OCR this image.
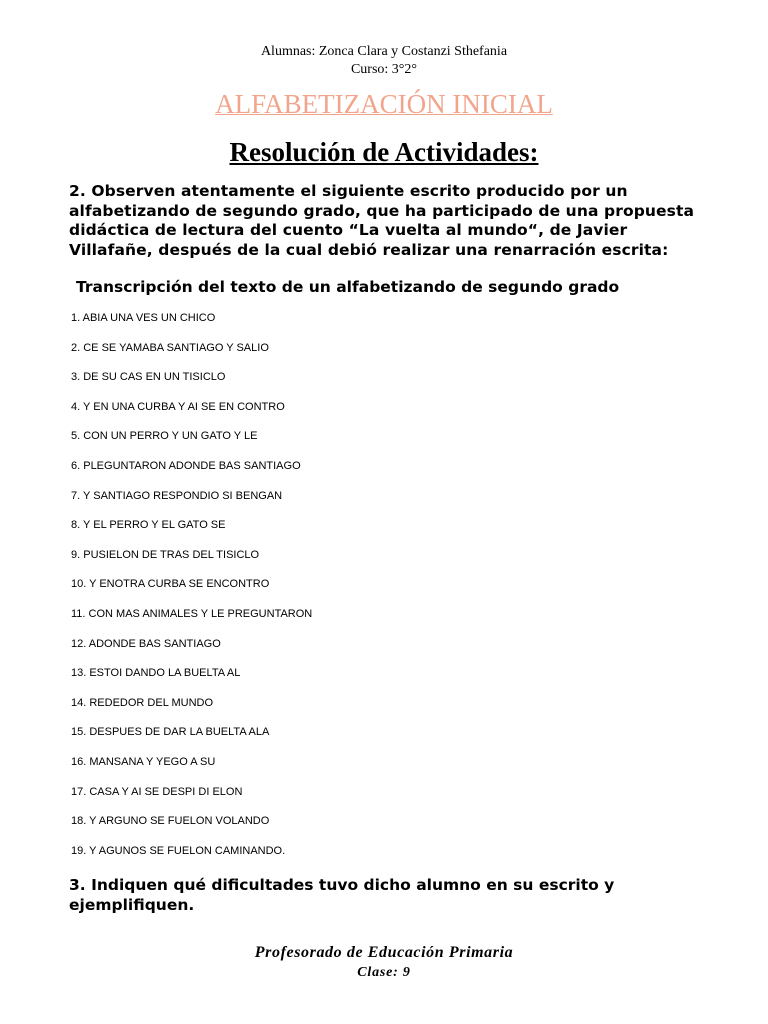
Alumnas: Zonca Clara y Costanzi Sthefania
Curso: 3°2°
ALFABETIZACIÓN INICIAL
Resolución de Actividades:
2. Observen atentamente el siguiente escrito producido por un alfabetizando de segundo grado, que ha participado de una propuesta didáctica de lectura del cuento “La vuelta al mundo“, de Javier Villafañe, después de la cual debió realizar una renarración escrita:
Transcripción del texto de un alfabetizando de segundo grado
1. ABIA UNA VES UN CHICO
2. CE SE YAMABA SANTIAGO Y SALIO
3. DE SU CAS EN UN TISICLO
4. Y EN UNA CURBA Y AI SE EN CONTRO
5. CON UN PERRO Y UN GATO Y LE
6. PLEGUNTARON ADONDE BAS SANTIAGO
7. Y SANTIAGO RESPONDIO SI BENGAN
8. Y EL PERRO Y EL GATO SE
9. PUSIELON DE TRAS DEL TISICLO
10. Y ENOTRA CURBA SE ENCONTRO
11. CON MAS ANIMALES Y LE PREGUNTARON
12. ADONDE BAS SANTIAGO
13. ESTOI DANDO LA BUELTA AL
14. REDEDOR DEL MUNDO
15. DESPUES DE DAR LA BUELTA ALA
16. MANSANA Y YEGO A SU
17. CASA Y AI SE DESPI DI ELON
18. Y ARGUNO SE FUELON VOLANDO
19. Y AGUNOS SE FUELON CAMINANDO.
3. Indiquen qué dificultades tuvo dicho alumno en su escrito y ejemplifiquen.
Profesorado de Educación Primaria
Clase: 9
